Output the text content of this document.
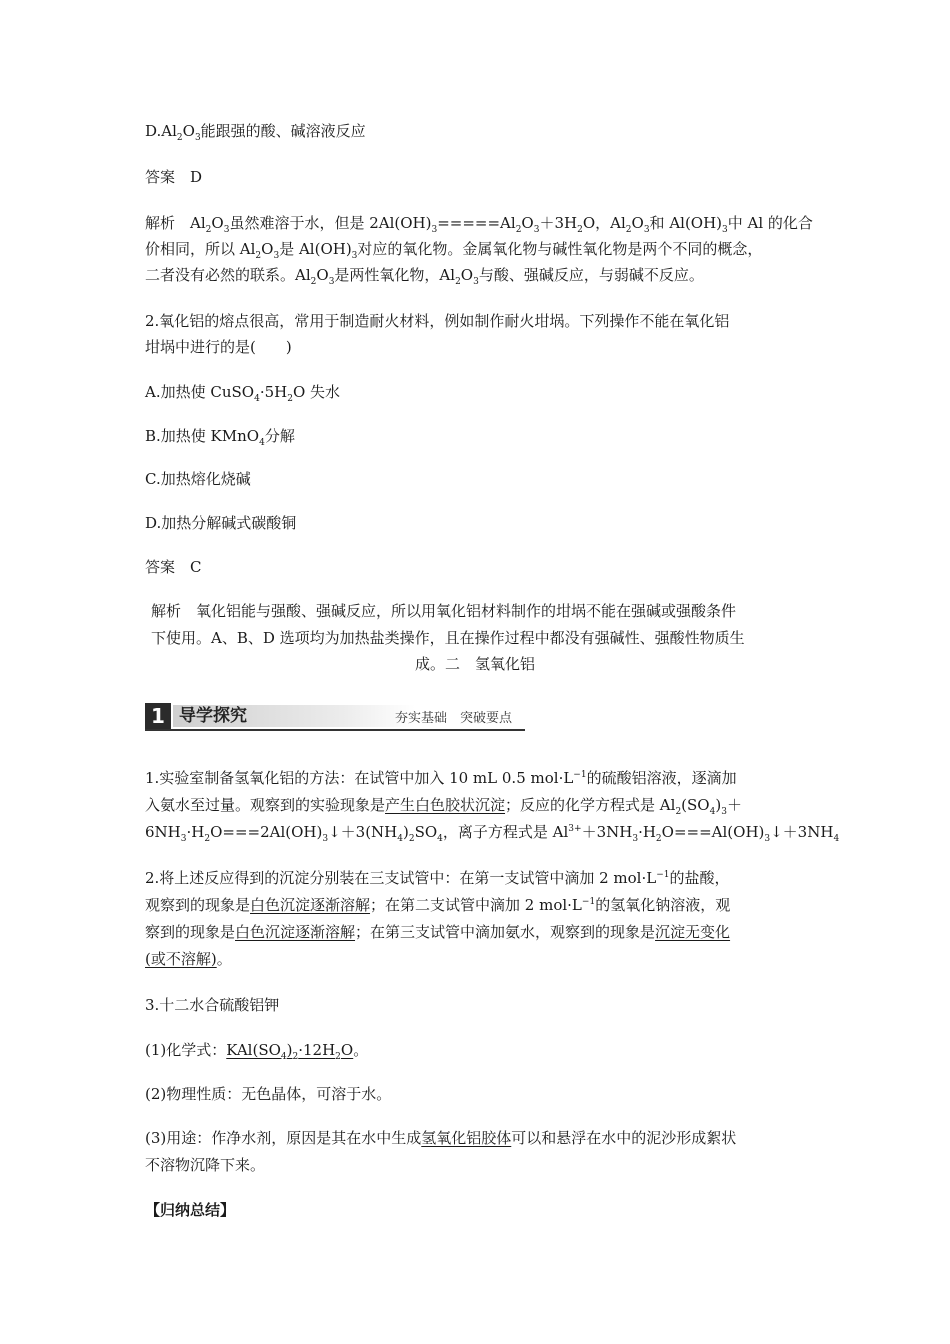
$D.Al_2O_3$能跟强的酸、碱溶液反应
答案　D
解析　$Al_2O_3$虽然难溶于水，但是 $2Al(OH)_3=====Al_2O_3+3H_2O$，$Al_2O_3$和 $Al(OH)_3$中 Al 的化合
价相同，所以 $Al_2O_3$是 $Al(OH)_3$对应的氧化物。金属氧化物与碱性氧化物是两个不同的概念，
二者没有必然的联系。$Al_2O_3$是两性氧化物，$Al_2O_3$与酸、强碱反应，与弱碱不反应。
2.氧化铝的熔点很高，常用于制造耐火材料，例如制作耐火坩埚。下列操作不能在氧化铝
坩埚中进行的是(　　)
A.加热使 $CuSO_4\cdot 5H_2O$ 失水
B.加热使 KMnO$_4$分解
C.加热熔化烧碱
D.加热分解碱式碳酸铜
答案　C
解析　氧化铝能与强酸、强碱反应，所以用氧化铝材料制作的坩埚不能在强碱或强酸条件
下使用。A、B、D 选项均为加热盐类操作，且在操作过程中都没有强碱性、强酸性物质生
成。二　氢氧化铝
1 导学探究	夯实基础　突破要点
1.实验室制备氢氧化铝的方法：在试管中加入 10 mL 0.5 $mol\cdot L^{-1}$的硫酸铝溶液，逐滴加
入氨水至过量。观察到的实验现象是产生白色胶状沉淀；反应的化学方程式是 $Al_2(SO_4)_3+$
$6NH_3\cdot H_2O===2Al(OH)_3↓+3(NH_4)_2SO_4$，离子方程式是 $Al^{3+}+3NH_3\cdot H_2O===Al(OH)_3↓+3NH_4$
2.将上述反应得到的沉淀分别装在三支试管中：在第一支试管中滴加 2 $mol\cdot L^{-1}$的盐酸，
观察到的现象是白色沉淀逐渐溶解；在第二支试管中滴加 2 $mol\cdot L^{-1}$的氢氧化钠溶液，观
察到的现象是白色沉淀逐渐溶解；在第三支试管中滴加氨水，观察到的现象是沉淀无变化
(或不溶解)。
3.十二水合硫酸铝钾
(1)化学式：$KAl(SO_4)_2\cdot 12H_2O$。
(2)物理性质：无色晶体，可溶于水。
(3)用途：作净水剂，原因是其在水中生成氢氧化铝胶体可以和悬浮在水中的泥沙形成絮状
不溶物沉降下来。
【归纳总结】
